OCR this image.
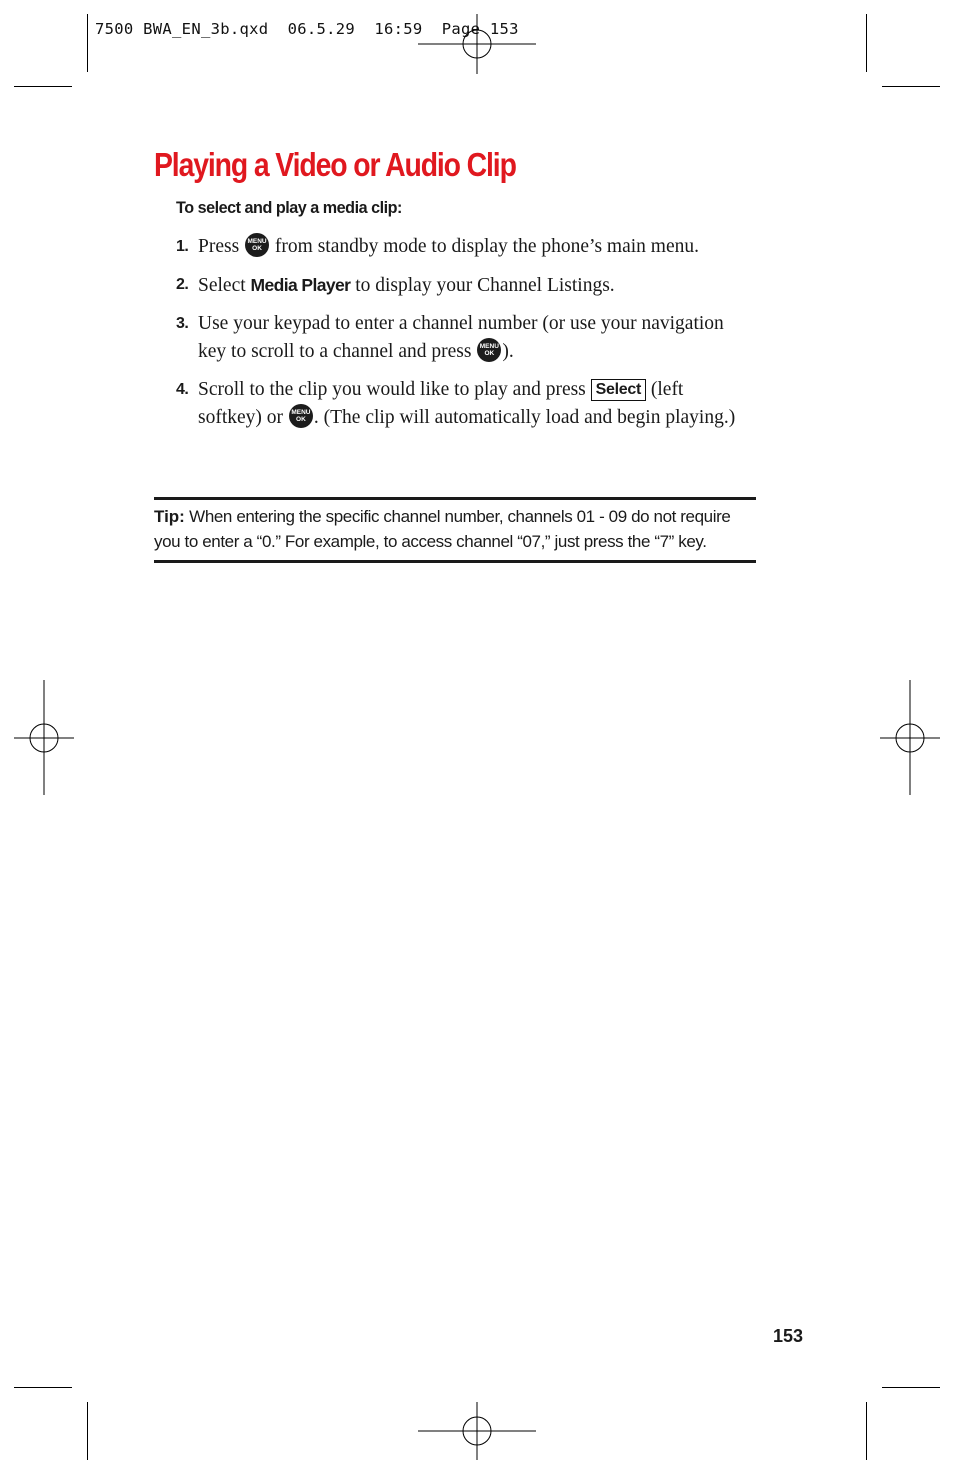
7500 BWA_EN_3b.qxd  06.5.29  16:59  Page 153
Playing a Video or Audio Clip

To select and play a media clip:

1. Press MENU
OK from standby mode to display the phone’s main menu.
2. Select Media Player to display your Channel Listings.
3. Use your keypad to enter a channel number (or use your navigation key to scroll to a channel and press MENU
OK ).
4. Scroll to the clip you would like to play and press Select (left softkey) or MENU
OK . (The clip will automatically load and begin playing.)
Tip: When entering the specific channel number, channels 01 - 09 do not require you to enter a “0.” For example, to access channel “07,” just press the “7” key.
153
